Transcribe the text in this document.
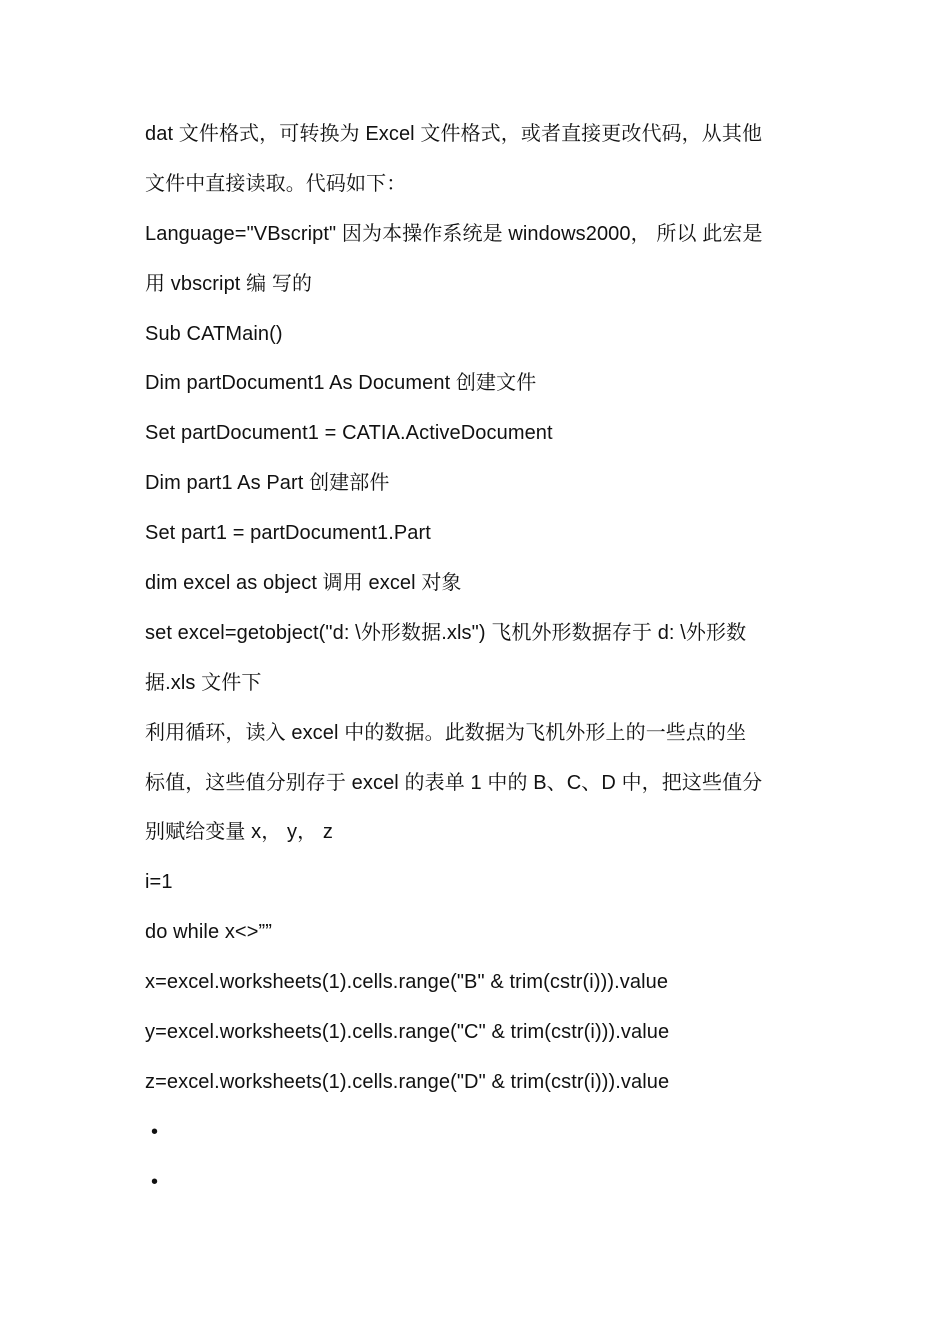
dat 文件格式，可转换为 Excel 文件格式，或者直接更改代码，从其他
文件中直接读取。代码如下：
Language="VBscript" 因为本操作系统是 windows2000， 所以 此宏是
用 vbscript 编 写的
Sub CATMain()
Dim partDocument1 As Document 创建文件
Set partDocument1 = CATIA.ActiveDocument
Dim part1 As Part 创建部件
Set part1 = partDocument1.Part
dim excel as object 调用 excel 对象
set excel=getobject("d: \外形数据.xls") 飞机外形数据存于 d: \外形数
据.xls 文件下
利用循环，读入 excel 中的数据。此数据为飞机外形上的一些点的坐
标值，这些值分别存于 excel 的表单 1 中的 B、C、D 中，把这些值分
别赋给变量 x， y， z
i=1
do while x<>””
x=excel.worksheets(1).cells.range("B" & trim(cstr(i))).value
y=excel.worksheets(1).cells.range("C" & trim(cstr(i))).value
z=excel.worksheets(1).cells.range("D" & trim(cstr(i))).value
•
•
